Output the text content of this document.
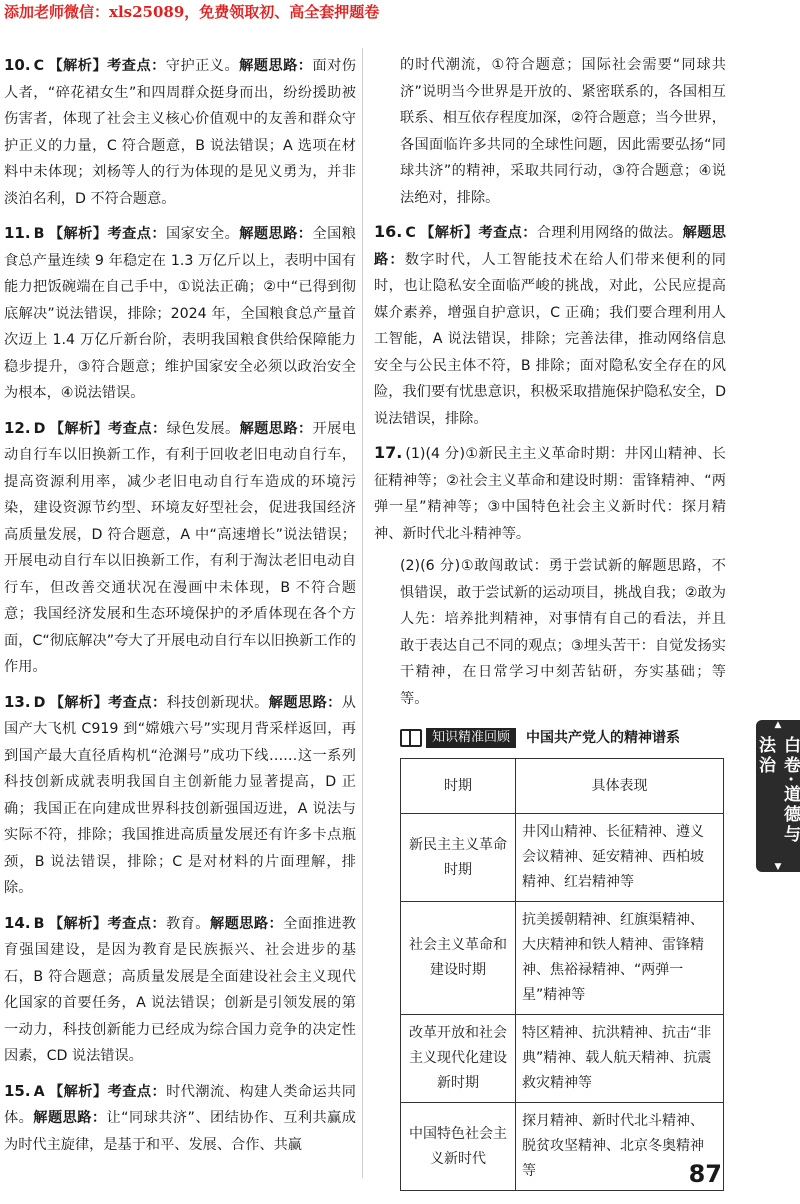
添加老师微信：xls25089，免费领取初、高全套押题卷

10. C 【解析】考查点：守护正义。解题思路：面对伤人者，“碎花裙女生”和四周群众挺身而出，纷纷援助被伤害者，体现了社会主义核心价值观中的友善和群众守护正义的力量，C 符合题意，B 说法错误；A 选项在材料中未体现；刘杨等人的行为体现的是见义勇为，并非淡泊名利，D 不符合题意。

11. B 【解析】考查点：国家安全。解题思路：全国粮食总产量连续 9 年稳定在 1.3 万亿斤以上，表明中国有能力把饭碗端在自己手中，①说法正确；②中“已得到彻底解决”说法错误，排除；2024 年，全国粮食总产量首次迈上 1.4 万亿斤新台阶，表明我国粮食供给保障能力稳步提升，③符合题意；维护国家安全必须以政治安全为根本，④说法错误。

12. D 【解析】考查点：绿色发展。解题思路：开展电动自行车以旧换新工作，有利于回收老旧电动自行车，提高资源利用率，减少老旧电动自行车造成的环境污染，建设资源节约型、环境友好型社会，促进我国经济高质量发展，D 符合题意，A 中“高速增长”说法错误；开展电动自行车以旧换新工作，有利于淘汰老旧电动自行车，但改善交通状况在漫画中未体现，B 不符合题意；我国经济发展和生态环境保护的矛盾体现在各个方面，C“彻底解决”夸大了开展电动自行车以旧换新工作的作用。

13. D 【解析】考查点：科技创新现状。解题思路：从国产大飞机 C919 到“嫦娥六号”实现月背采样返回，再到国产最大直径盾构机“沧渊号”成功下线……这一系列科技创新成就表明我国自主创新能力显著提高，D 正确；我国正在向建成世界科技创新强国迈进，A 说法与实际不符，排除；我国推进高质量发展还有许多卡点瓶颈，B 说法错误，排除；C 是对材料的片面理解，排除。

14. B 【解析】考查点：教育。解题思路：全面推进教育强国建设，是因为教育是民族振兴、社会进步的基石，B 符合题意；高质量发展是全面建设社会主义现代化国家的首要任务，A 说法错误；创新是引领发展的第一动力，科技创新能力已经成为综合国力竞争的决定性因素，CD 说法错误。

15. A 【解析】考查点：时代潮流、构建人类命运共同体。解题思路：让“同球共济”、团结协作、互利共赢成为时代主旋律，是基于和平、发展、合作、共赢

的时代潮流，①符合题意；国际社会需要“同球共济”说明当今世界是开放的、紧密联系的，各国相互联系、相互依存程度加深，②符合题意；当今世界，各国面临许多共同的全球性问题，因此需要弘扬“同球共济”的精神，采取共同行动，③符合题意；④说法绝对，排除。

16. C 【解析】考查点：合理利用网络的做法。解题思路：数字时代，人工智能技术在给人们带来便利的同时，也让隐私安全面临严峻的挑战，对此，公民应提高媒介素养，增强自护意识，C 正确；我们要合理利用人工智能，A 说法错误，排除；完善法律，推动网络信息安全与公民主体不符，B 排除；面对隐私安全存在的风险，我们要有忧患意识，积极采取措施保护隐私安全，D 说法错误，排除。

17. (1)(4 分)①新民主主义革命时期：井冈山精神、长征精神等；②社会主义革命和建设时期：雷锋精神、“两弹一星”精神等；③中国特色社会主义新时代：探月精神、新时代北斗精神等。

(2)(6 分)①敢闯敢试：勇于尝试新的解题思路，不惧错误，敢于尝试新的运动项目，挑战自我；②敢为人先：培养批判精神，对事情有自己的看法，并且敢于表达自己不同的观点；③埋头苦干：自觉发扬实干精神，在日常学习中刻苦钻研，夯实基础；等等。

知识精准回顾	中国共产党人的精神谱系
时期	具体表现
新民主主义革命时期	井冈山精神、长征精神、遵义会议精神、延安精神、西柏坡精神、红岩精神等
社会主义革命和建设时期	抗美援朝精神、红旗渠精神、大庆精神和铁人精神、雷锋精神、焦裕禄精神、“两弹一星”精神等
改革开放和社会主义现代化建设新时期	特区精神、抗洪精神、抗击“非典”精神、载人航天精神、抗震救灾精神等
中国特色社会主义新时代	探月精神、新时代北斗精神、脱贫攻坚精神、北京冬奥精神等
▲
白卷·道德与法治
▼
87
